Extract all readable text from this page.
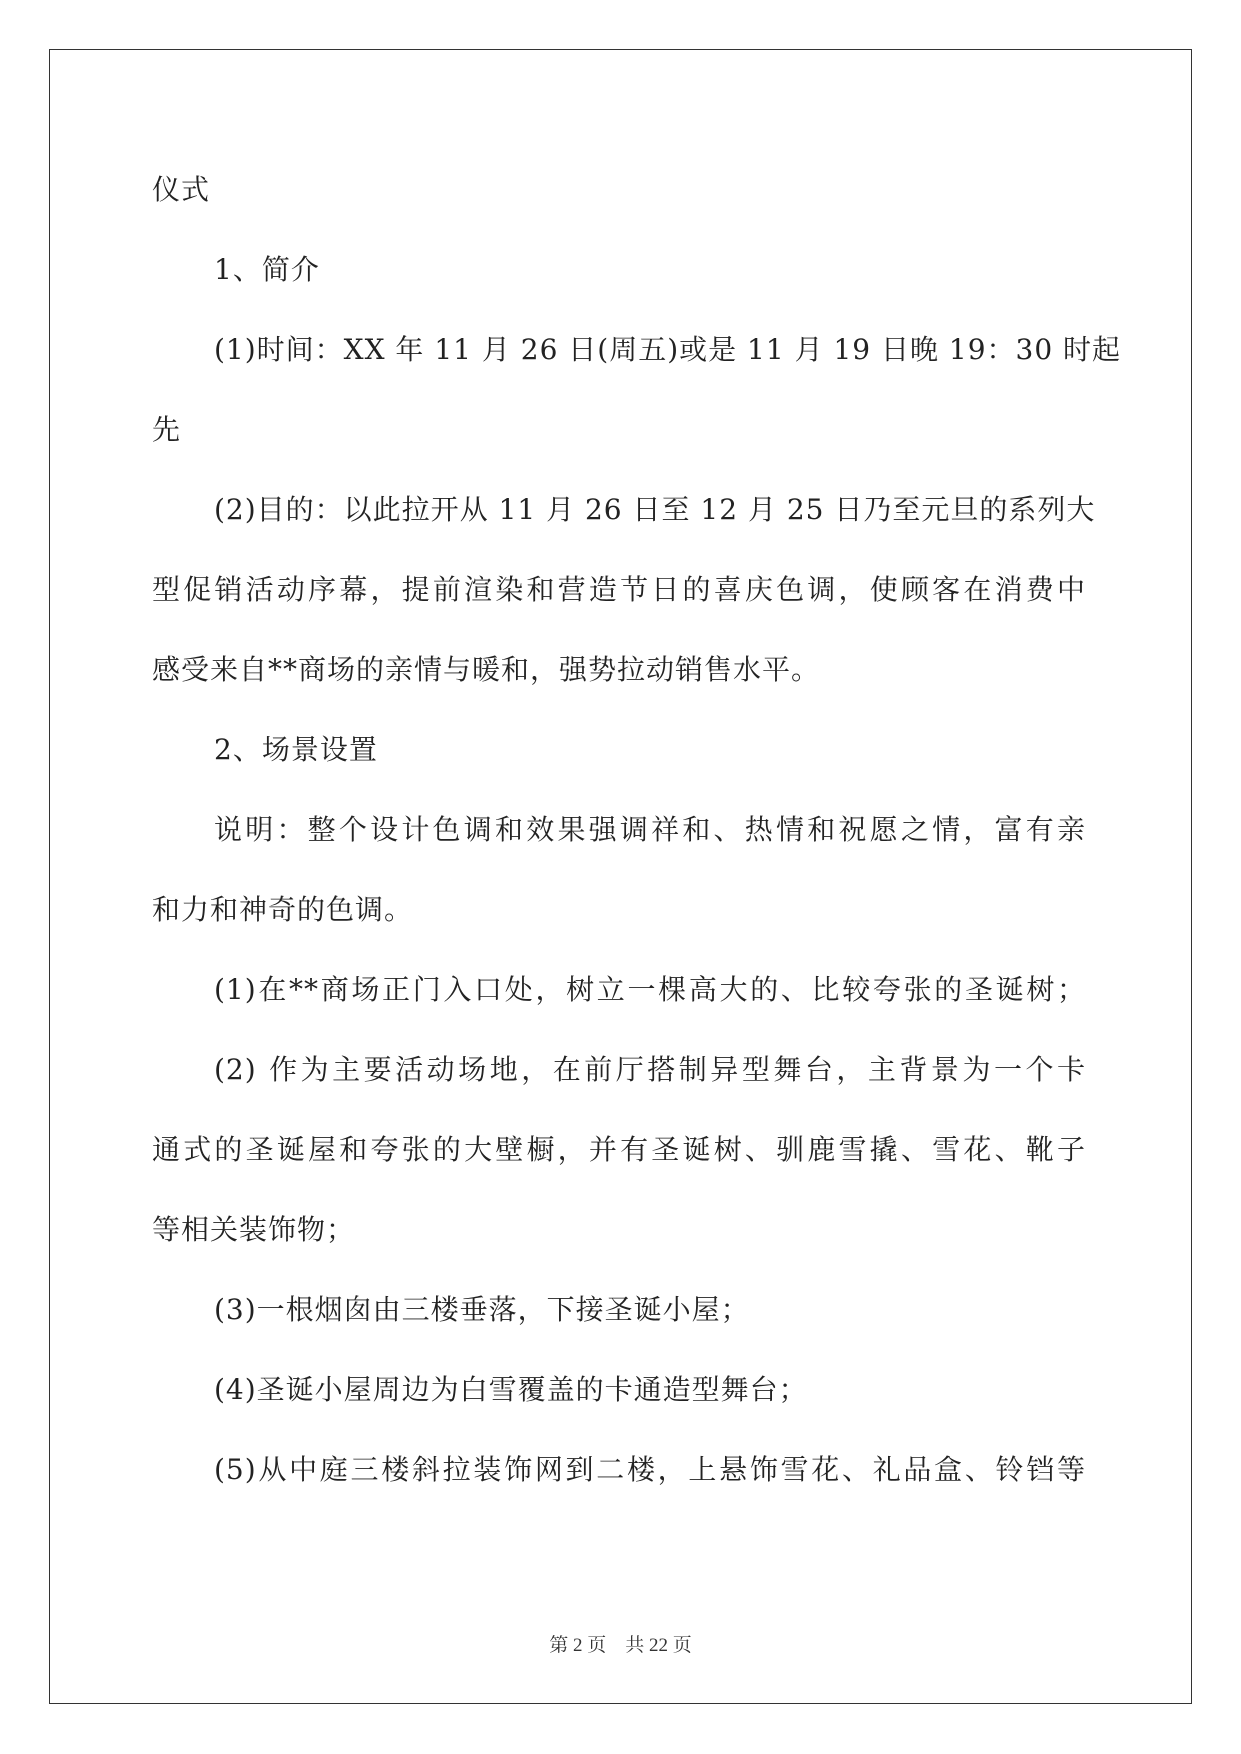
仪式
1、简介
(1)时间：XX 年 11 月 26 日(周五)或是 11 月 19 日晚 19：30 时起
先
(2)目的：以此拉开从 11 月 26 日至 12 月 25 日乃至元旦的系列大
型促销活动序幕，提前渲染和营造节日的喜庆色调，使顾客在消费中
感受来自**商场的亲情与暖和，强势拉动销售水平。
2、场景设置
说明：整个设计色调和效果强调祥和、热情和祝愿之情，富有亲
和力和神奇的色调。
(1)在**商场正门入口处，树立一棵高大的、比较夸张的圣诞树；
(2) 作为主要活动场地，在前厅搭制异型舞台，主背景为一个卡
通式的圣诞屋和夸张的大壁橱，并有圣诞树、驯鹿雪撬、雪花、靴子
等相关装饰物；
(3)一根烟囱由三楼垂落，下接圣诞小屋；
(4)圣诞小屋周边为白雪覆盖的卡通造型舞台；
(5)从中庭三楼斜拉装饰网到二楼，上悬饰雪花、礼品盒、铃铛等
第 2 页　共 22 页
